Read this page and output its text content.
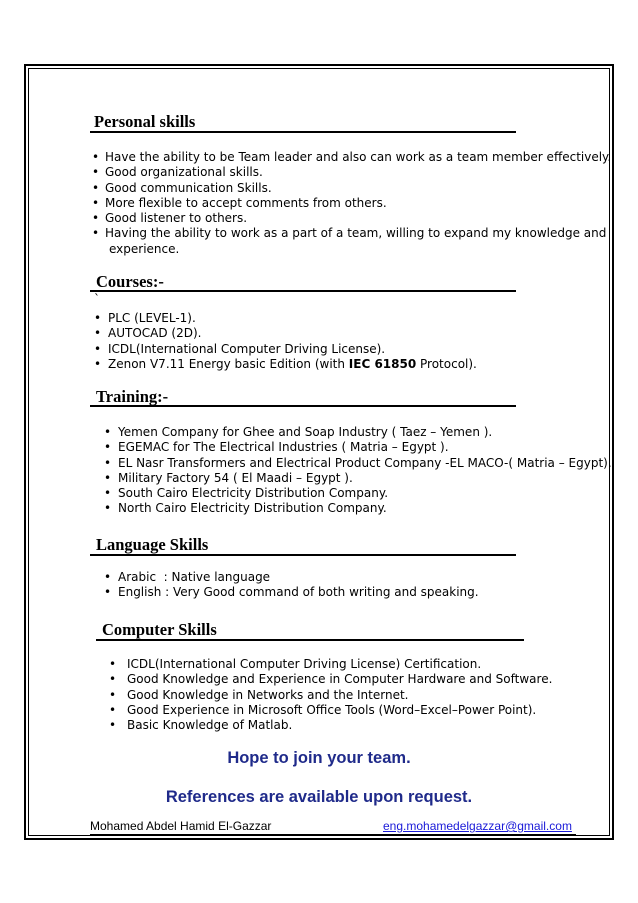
Personal skills
• Have the ability to be Team leader and also can work as a team member effectively.
• Good organizational skills.
• Good communication Skills.
• More flexible to accept comments from others.
• Good listener to others.
• Having the ability to work as a part of a team, willing to expand my knowledge and
experience.
Courses:-
`
• PLC (LEVEL-1).
• AUTOCAD (2D).
• ICDL(International Computer Driving License).
• Zenon V7.11 Energy basic Edition (with IEC 61850 Protocol).
Training:-
• Yemen Company for Ghee and Soap Industry ( Taez – Yemen ).
• EGEMAC for The Electrical Industries ( Matria – Egypt ).
• EL Nasr Transformers and Electrical Product Company -EL MACO-( Matria – Egypt).
• Military Factory 54 ( El Maadi – Egypt ).
• South Cairo Electricity Distribution Company.
• North Cairo Electricity Distribution Company.
Language Skills
• Arabic  : Native language
• English : Very Good command of both writing and speaking.
Computer Skills
• ICDL(International Computer Driving License) Certification.
• Good Knowledge and Experience in Computer Hardware and Software.
• Good Knowledge in Networks and the Internet.
• Good Experience in Microsoft Office Tools (Word–Excel–Power Point).
• Basic Knowledge of Matlab.
Hope to join your team.
References are available upon request.
Mohamed Abdel Hamid El-Gazzar	eng.mohamedelgazzar@gmail.com
